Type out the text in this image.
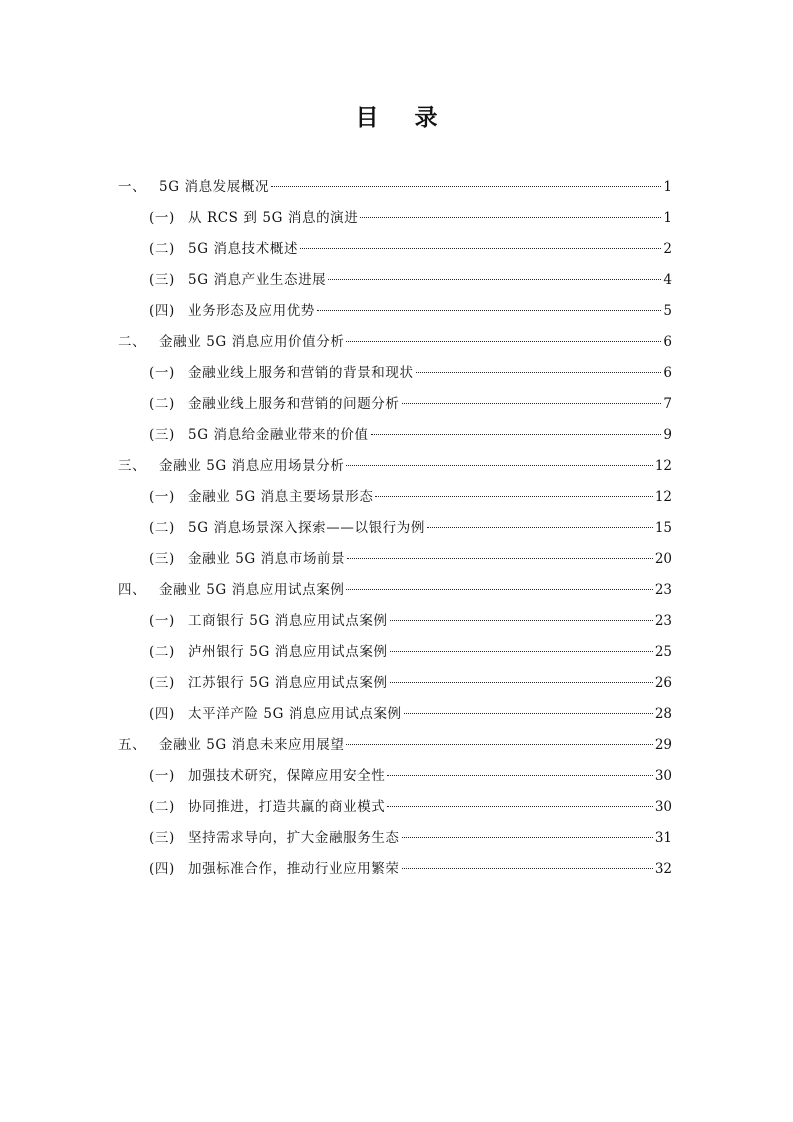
目 录
一、 5G 消息发展概况	1
(一) 从 RCS 到 5G 消息的演进	1
(二) 5G 消息技术概述	2
(三) 5G 消息产业生态进展	4
(四) 业务形态及应用优势	5
二、 金融业 5G 消息应用价值分析	6
(一) 金融业线上服务和营销的背景和现状	6
(二) 金融业线上服务和营销的问题分析	7
(三) 5G 消息给金融业带来的价值	9
三、 金融业 5G 消息应用场景分析	12
(一) 金融业 5G 消息主要场景形态	12
(二) 5G 消息场景深入探索——以银行为例	15
(三) 金融业 5G 消息市场前景	20
四、 金融业 5G 消息应用试点案例	23
(一) 工商银行 5G 消息应用试点案例	23
(二) 泸州银行 5G 消息应用试点案例	25
(三) 江苏银行 5G 消息应用试点案例	26
(四) 太平洋产险 5G 消息应用试点案例	28
五、 金融业 5G 消息未来应用展望	29
(一) 加强技术研究，保障应用安全性	30
(二) 协同推进，打造共赢的商业模式	30
(三) 坚持需求导向，扩大金融服务生态	31
(四) 加强标准合作，推动行业应用繁荣	32
